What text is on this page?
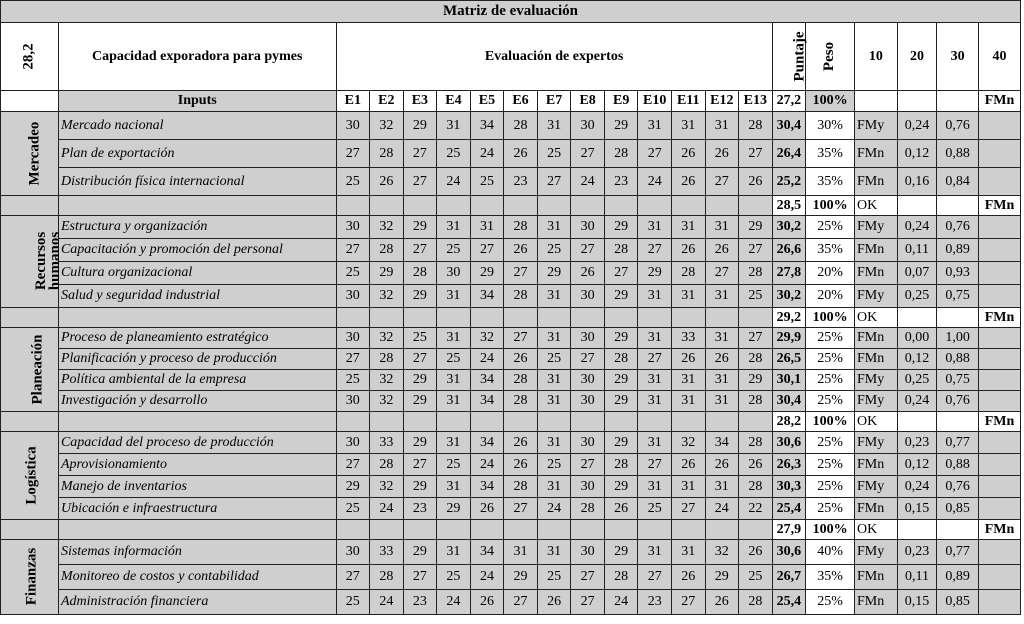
Matriz de evaluación																				
28,2	Capacidad exporadora para pymes	Evaluación de expertos													Puntaje	Peso	10	20	30	40
	Inputs	E1	E2	E3	E4	E5	E6	E7	E8	E9	E10	E11	E12	E13	27,2	100%				FMn
Mercadeo	Mercado nacional	30	32	29	31	34	28	31	30	29	31	31	31	28	30,4	30%	FMy	0,24	0,76	
	Plan de exportación	27	28	27	25	24	26	25	27	28	27	26	26	27	26,4	35%	FMn	0,12	0,88	
	Distribución física internacional	25	26	27	24	25	23	27	24	23	24	26	27	26	25,2	35%	FMn	0,16	0,84	
															28,5	100%	OK			FMn
Recursos humanos	Estructura y organización	30	32	29	31	31	28	31	30	29	31	31	31	29	30,2	25%	FMy	0,24	0,76	
	Capacitación y promoción del personal	27	28	27	25	27	26	25	27	28	27	26	26	27	26,6	35%	FMn	0,11	0,89	
	Cultura organizacional	25	29	28	30	29	27	29	26	27	29	28	27	28	27,8	20%	FMn	0,07	0,93	
	Salud y seguridad industrial	30	32	29	31	34	28	31	30	29	31	31	31	25	30,2	20%	FMy	0,25	0,75	
															29,2	100%	OK			FMn
Planeación	Proceso de planeamiento estratégico	30	32	25	31	32	27	31	30	29	31	33	31	27	29,9	25%	FMn	0,00	1,00	
	Planificación y proceso de producción	27	28	27	25	24	26	25	27	28	27	26	26	28	26,5	25%	FMn	0,12	0,88	
	Política ambiental de la empresa	25	32	29	31	34	28	31	30	29	31	31	31	29	30,1	25%	FMy	0,25	0,75	
	Investigación y desarrollo	30	32	29	31	34	28	31	30	29	31	31	31	28	30,4	25%	FMy	0,24	0,76	
															28,2	100%	OK			FMn
Logística	Capacidad del proceso de producción	30	33	29	31	34	26	31	30	29	31	32	34	28	30,6	25%	FMy	0,23	0,77	
	Aprovisionamiento	27	28	27	25	24	26	25	27	28	27	26	26	26	26,3	25%	FMn	0,12	0,88	
	Manejo de inventarios	29	32	29	31	34	28	31	30	29	31	31	31	28	30,3	25%	FMy	0,24	0,76	
	Ubicación e infraestructura	25	24	23	29	26	27	24	28	26	25	27	24	22	25,4	25%	FMn	0,15	0,85	
															27,9	100%	OK			FMn
Finanzas	Sistemas información	30	33	29	31	34	31	31	30	29	31	31	32	26	30,6	40%	FMy	0,23	0,77	
	Monitoreo de costos y contabilidad	27	28	27	25	24	29	25	27	28	27	26	29	25	26,7	35%	FMn	0,11	0,89	
	Administración financiera	25	24	23	24	26	27	26	27	24	23	27	26	28	25,4	25%	FMn	0,15	0,85	
